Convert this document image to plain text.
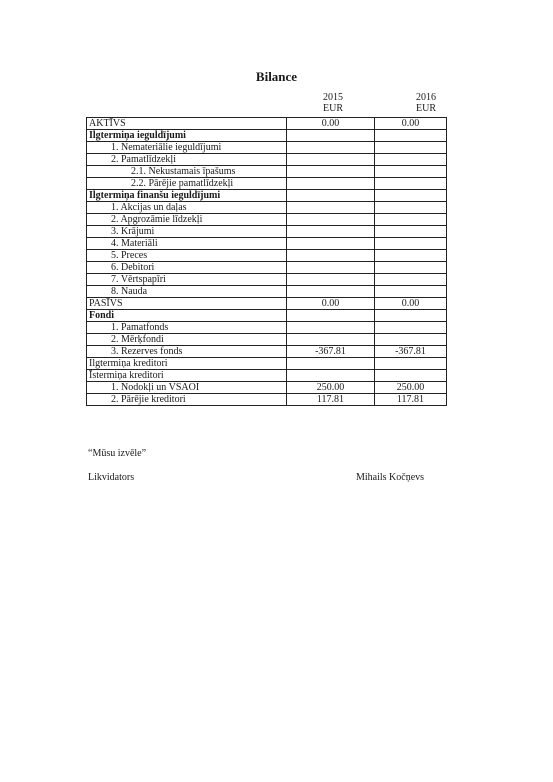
Bilance
2015
EUR
2016
EUR
AKTĪVS	0.00	0.00
Ilgtermiņa ieguldījumi		
1. Nemateriālie ieguldījumi		
2. Pamatlīdzekļi		
2.1. Nekustamais īpašums		
2.2. Pārējie pamatlīdzekļi		
Ilgtermiņa finanšu ieguldījumi		
1. Akcijas un daļas		
2. Apgrozāmie līdzekļi		
3. Krājumi		
4. Materiāli		
5. Preces		
6. Debitori		
7. Vērtspapīri		
8. Nauda		
PASĪVS	0.00	0.00
Fondi		
1. Pamatfonds		
2. Mērķfondi		
3. Rezerves fonds	-367.81	-367.81
Ilgtermiņa kreditori		
Īstermiņa kreditori		
1. Nodokļi un VSAOI	250.00	250.00
2. Pārējie kreditori	117.81	117.81
“Mūsu izvēle”
Likvidators	Mihails Kočņevs
